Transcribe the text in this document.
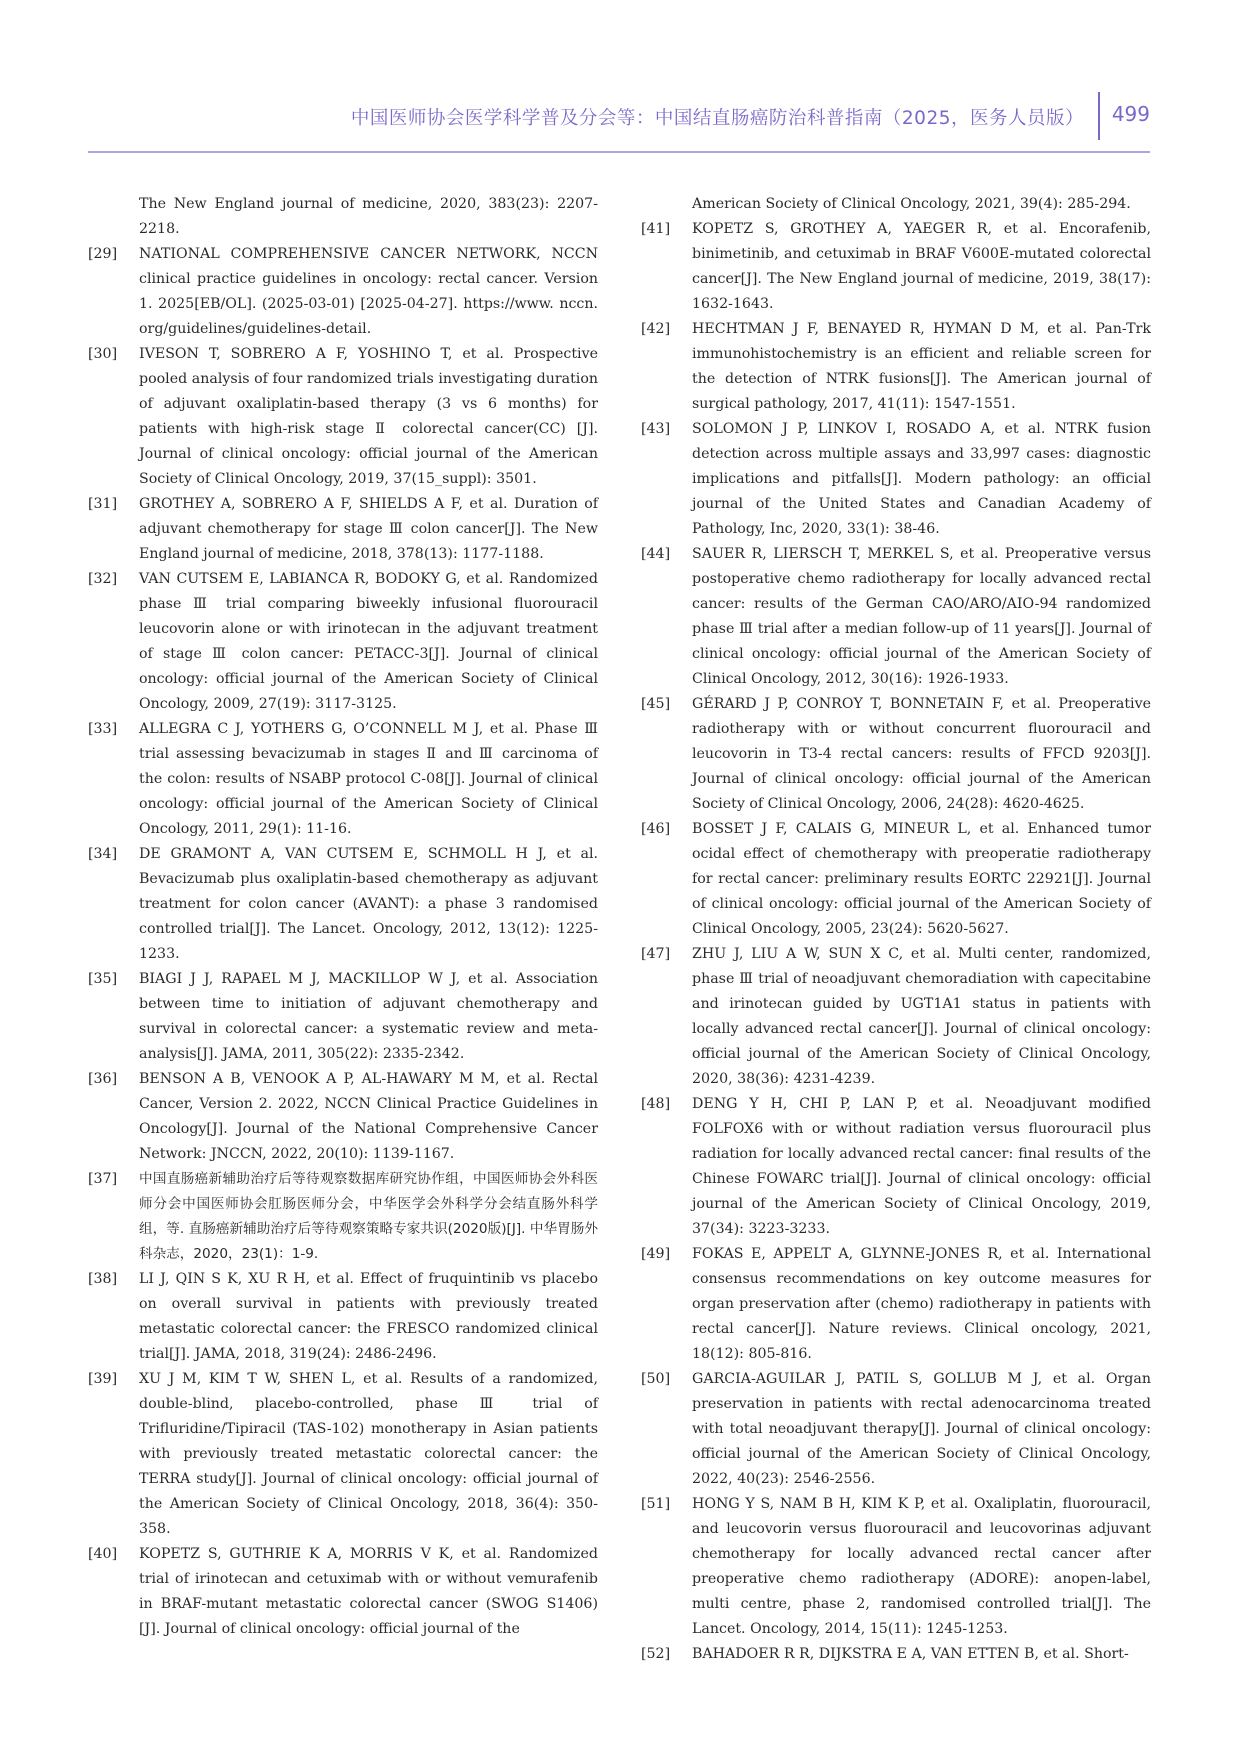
中国医师协会医学科学普及分会等：中国结直肠癌防治科普指南（2025，医务人员版） 499
The New England journal of medicine, 2020, 383(23): 2207-2218.
[29] NATIONAL COMPREHENSIVE CANCER NETWORK, NCCN clinical practice guidelines in oncology: rectal cancer. Version 1. 2025[EB/OL]. (2025-03-01) [2025-04-27]. https://www. nccn. org/guidelines/guidelines-detail.
[30] IVESON T, SOBRERO A F, YOSHINO T, et al. Prospective pooled analysis of four randomized trials investigating duration of adjuvant oxaliplatin-based therapy (3 vs 6 months) for patients with high-risk stage Ⅱ colorectal cancer(CC) [J]. Journal of clinical oncology: official journal of the American Society of Clinical Oncology, 2019, 37(15_suppl): 3501.
[31] GROTHEY A, SOBRERO A F, SHIELDS A F, et al. Duration of adjuvant chemotherapy for stage Ⅲ colon cancer[J]. The New England journal of medicine, 2018, 378(13): 1177-1188.
[32] VAN CUTSEM E, LABIANCA R, BODOKY G, et al. Randomized phase Ⅲ trial comparing biweekly infusional fluorouracil leucovorin alone or with irinotecan in the adjuvant treatment of stage Ⅲ colon cancer: PETACC-3[J]. Journal of clinical oncology: official journal of the American Society of Clinical Oncology, 2009, 27(19): 3117-3125.
[33] ALLEGRA C J, YOTHERS G, O’CONNELL M J, et al. Phase Ⅲ trial assessing bevacizumab in stages Ⅱ and Ⅲ carcinoma of the colon: results of NSABP protocol C-08[J]. Journal of clinical oncology: official journal of the American Society of Clinical Oncology, 2011, 29(1): 11-16.
[34] DE GRAMONT A, VAN CUTSEM E, SCHMOLL H J, et al. Bevacizumab plus oxaliplatin-based chemotherapy as adjuvant treatment for colon cancer (AVANT): a phase 3 randomised controlled trial[J]. The Lancet. Oncology, 2012, 13(12): 1225-1233.
[35] BIAGI J J, RAPAEL M J, MACKILLOP W J, et al. Association between time to initiation of adjuvant chemotherapy and survival in colorectal cancer: a systematic review and meta-analysis[J]. JAMA, 2011, 305(22): 2335-2342.
[36] BENSON A B, VENOOK A P, AL-HAWARY M M, et al. Rectal Cancer, Version 2. 2022, NCCN Clinical Practice Guidelines in Oncology[J]. Journal of the National Comprehensive Cancer Network: JNCCN, 2022, 20(10): 1139-1167.
[37] 中国直肠癌新辅助治疗后等待观察数据库研究协作组，中国医师协会外科医师分会中国医师协会肛肠医师分会，中华医学会外科学分会结直肠外科学组，等. 直肠癌新辅助治疗后等待观察策略专家共识(2020版)[J]. 中华胃肠外科杂志，2020，23(1)：1-9.
[38] LI J, QIN S K, XU R H, et al. Effect of fruquintinib vs placebo on overall survival in patients with previously treated metastatic colorectal cancer: the FRESCO randomized clinical trial[J]. JAMA, 2018, 319(24): 2486-2496.
[39] XU J M, KIM T W, SHEN L, et al. Results of a randomized, double-blind, placebo-controlled, phase Ⅲ trial of Trifluridine/Tipiracil (TAS-102) monotherapy in Asian patients with previously treated metastatic colorectal cancer: the TERRA study[J]. Journal of clinical oncology: official journal of the American Society of Clinical Oncology, 2018, 36(4): 350-358.
[40] KOPETZ S, GUTHRIE K A, MORRIS V K, et al. Randomized trial of irinotecan and cetuximab with or without vemurafenib in BRAF-mutant metastatic colorectal cancer (SWOG S1406) [J]. Journal of clinical oncology: official journal of the
American Society of Clinical Oncology, 2021, 39(4): 285-294.
[41] KOPETZ S, GROTHEY A, YAEGER R, et al. Encorafenib, binimetinib, and cetuximab in BRAF V600E-mutated colorectal cancer[J]. The New England journal of medicine, 2019, 38(17): 1632-1643.
[42] HECHTMAN J F, BENAYED R, HYMAN D M, et al. Pan-Trk immunohistochemistry is an efficient and reliable screen for the detection of NTRK fusions[J]. The American journal of surgical pathology, 2017, 41(11): 1547-1551.
[43] SOLOMON J P, LINKOV I, ROSADO A, et al. NTRK fusion detection across multiple assays and 33,997 cases: diagnostic implications and pitfalls[J]. Modern pathology: an official journal of the United States and Canadian Academy of Pathology, Inc, 2020, 33(1): 38-46.
[44] SAUER R, LIERSCH T, MERKEL S, et al. Preoperative versus postoperative chemo radiotherapy for locally advanced rectal cancer: results of the German CAO/ARO/AIO-94 randomized phase Ⅲ trial after a median follow-up of 11 years[J]. Journal of clinical oncology: official journal of the American Society of Clinical Oncology, 2012, 30(16): 1926-1933.
[45] GÉRARD J P, CONROY T, BONNETAIN F, et al. Preoperative radiotherapy with or without concurrent fluorouracil and leucovorin in T3-4 rectal cancers: results of FFCD 9203[J]. Journal of clinical oncology: official journal of the American Society of Clinical Oncology, 2006, 24(28): 4620-4625.
[46] BOSSET J F, CALAIS G, MINEUR L, et al. Enhanced tumor ocidal effect of chemotherapy with preoperatie radiotherapy for rectal cancer: preliminary results EORTC 22921[J]. Journal of clinical oncology: official journal of the American Society of Clinical Oncology, 2005, 23(24): 5620-5627.
[47] ZHU J, LIU A W, SUN X C, et al. Multi center, randomized, phase Ⅲ trial of neoadjuvant chemoradiation with capecitabine and irinotecan guided by UGT1A1 status in patients with locally advanced rectal cancer[J]. Journal of clinical oncology: official journal of the American Society of Clinical Oncology, 2020, 38(36): 4231-4239.
[48] DENG Y H, CHI P, LAN P, et al. Neoadjuvant modified FOLFOX6 with or without radiation versus fluorouracil plus radiation for locally advanced rectal cancer: final results of the Chinese FOWARC trial[J]. Journal of clinical oncology: official journal of the American Society of Clinical Oncology, 2019, 37(34): 3223-3233.
[49] FOKAS E, APPELT A, GLYNNE-JONES R, et al. International consensus recommendations on key outcome measures for organ preservation after (chemo) radiotherapy in patients with rectal cancer[J]. Nature reviews. Clinical oncology, 2021, 18(12): 805-816.
[50] GARCIA-AGUILAR J, PATIL S, GOLLUB M J, et al. Organ preservation in patients with rectal adenocarcinoma treated with total neoadjuvant therapy[J]. Journal of clinical oncology: official journal of the American Society of Clinical Oncology, 2022, 40(23): 2546-2556.
[51] HONG Y S, NAM B H, KIM K P, et al. Oxaliplatin, fluorouracil, and leucovorin versus fluorouracil and leucovorinas adjuvant chemotherapy for locally advanced rectal cancer after preoperative chemo radiotherapy (ADORE): anopen-label, multi centre, phase 2, randomised controlled trial[J]. The Lancet. Oncology, 2014, 15(11): 1245-1253.
[52] BAHADOER R R, DIJKSTRA E A, VAN ETTEN B, et al. Short-
